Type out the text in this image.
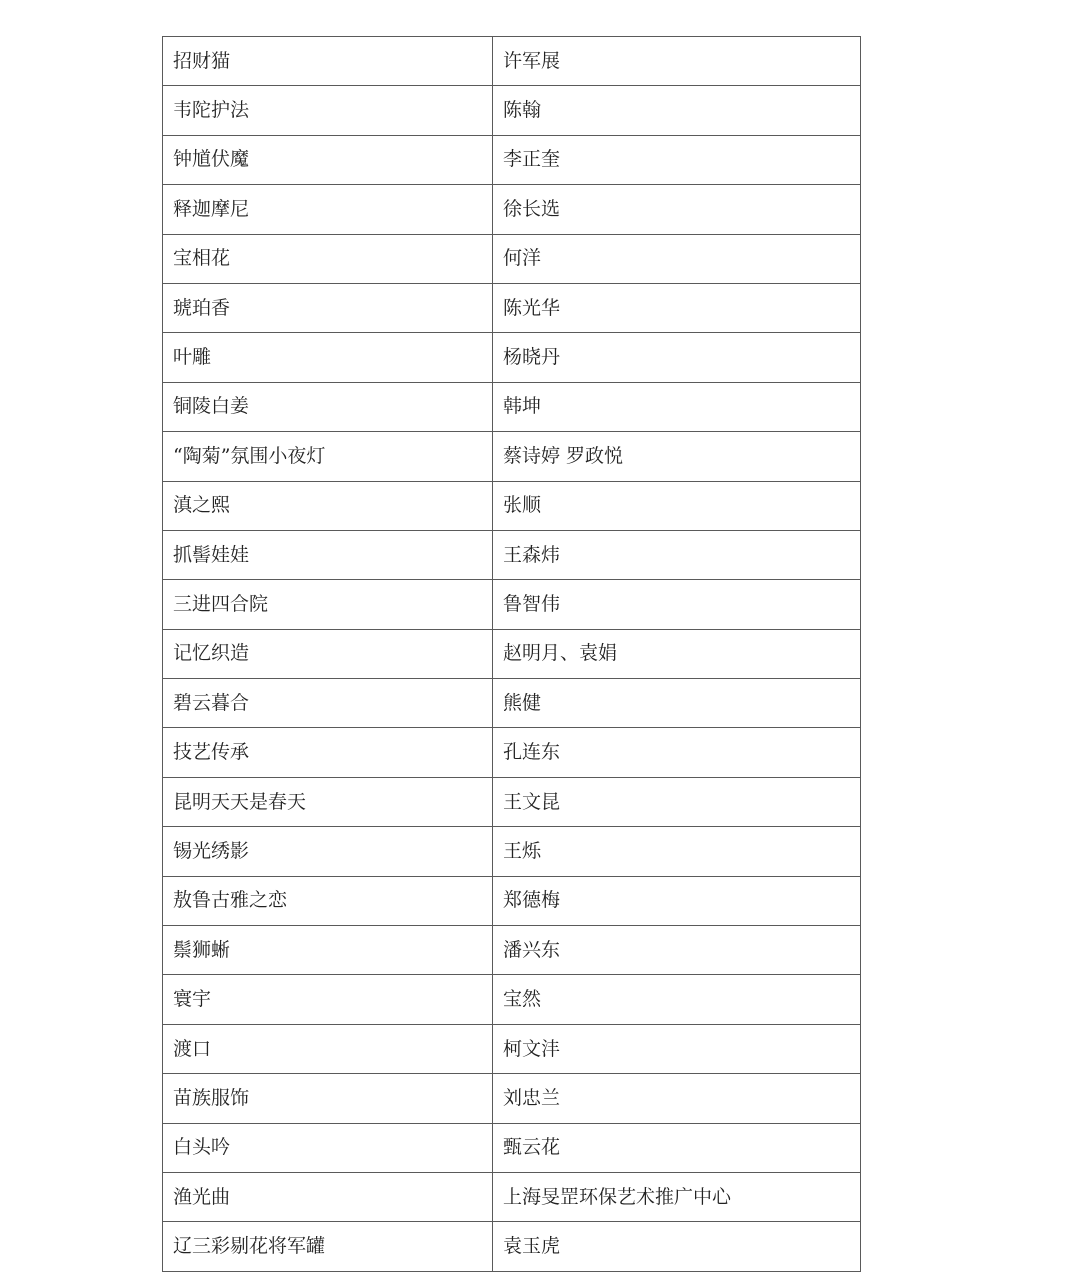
招财猫	许军展
韦陀护法	陈翰
钟馗伏魔	李正奎
释迦摩尼	徐长选
宝相花	何洋
琥珀香	陈光华
叶雕	杨晓丹
铜陵白姜	韩坤
“陶菊”氛围小夜灯	蔡诗婷 罗政悦
滇之熙	张顺
抓髻娃娃	王森炜
三进四合院	鲁智伟
记忆织造	赵明月、袁娟
碧云暮合	熊健
技艺传承	孔连东
昆明天天是春天	王文昆
锡光绣影	王烁
敖鲁古雅之恋	郑德梅
鬃狮蜥	潘兴东
寰宇	宝然
渡口	柯文沣
苗族服饰	刘忠兰
白头吟	甄云花
渔光曲	上海旻罡环保艺术推广中心
辽三彩剔花将军罐	袁玉虎
